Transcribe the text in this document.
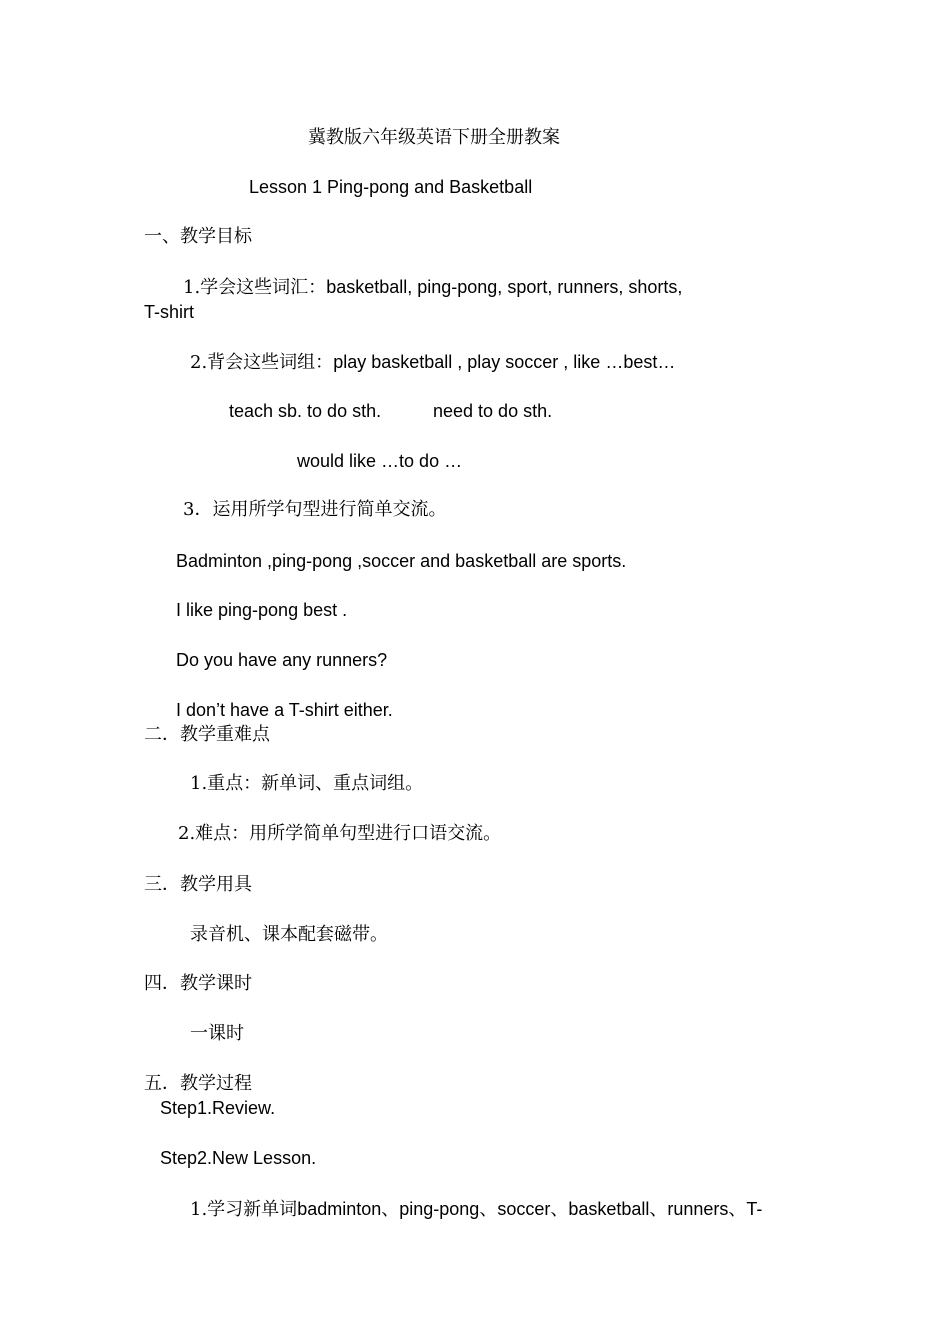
冀教版六年级英语下册全册教案
Lesson 1 Ping-pong and Basketball
一、教学目标
1.学会这些词汇：basketball, ping-pong, sport, runners, shorts,
T-shirt
2.背会这些词组：play basketball , play soccer , like …best…
teach sb. to do sth.	need to do sth.
would like …to do …
3．运用所学句型进行简单交流。
Badminton ,ping-pong ,soccer and basketball are sports.
I like ping-pong best .
Do you have any runners?
I don’t have a T-shirt either.
二．教学重难点
1.重点：新单词、重点词组。
2.难点：用所学简单句型进行口语交流。
三．教学用具
录音机、课本配套磁带。
四．教学课时
一课时
五．教学过程
Step1.Review.
Step2.New Lesson.
1.学习新单词badminton、ping-pong、soccer、basketball、runners、T-
